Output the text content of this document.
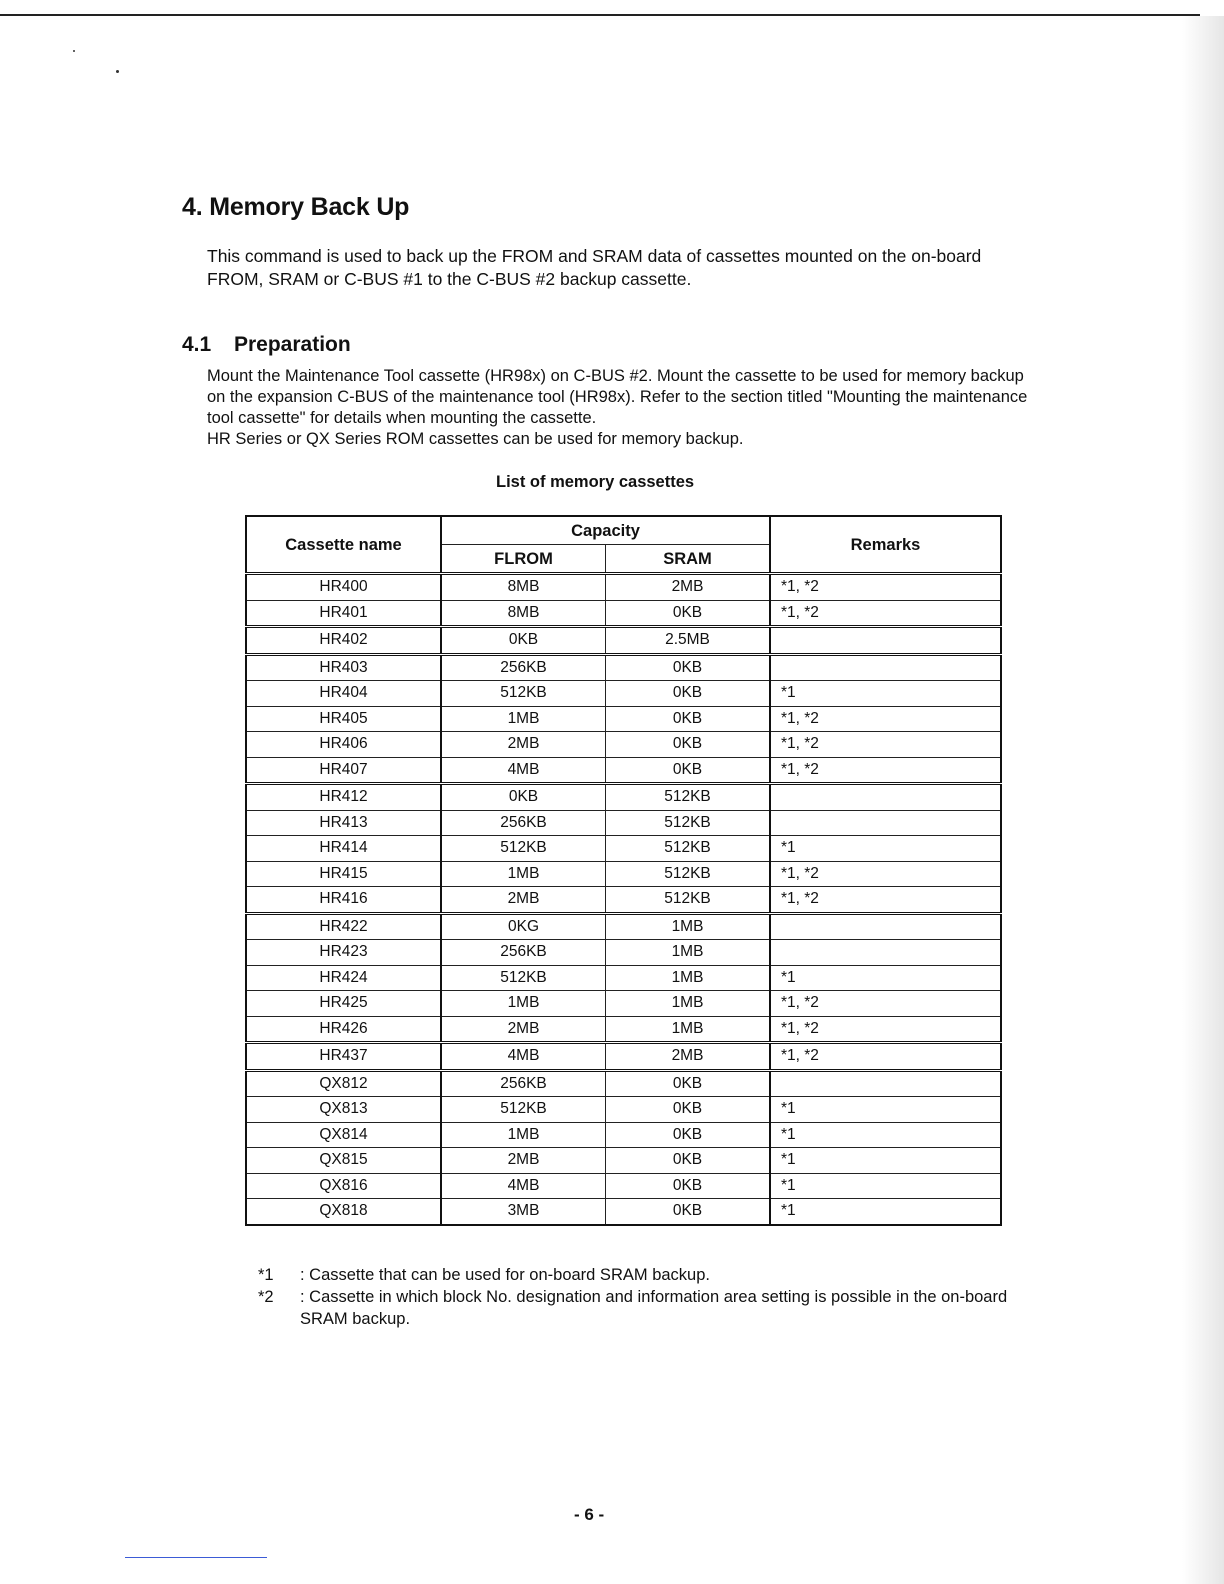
4. Memory Back Up

This command is used to back up the FROM and SRAM data of cassettes mounted on the on-board FROM, SRAM or C-BUS #1 to the C-BUS #2 backup cassette.

4.1 Preparation

Mount the Maintenance Tool cassette (HR98x) on C-BUS #2. Mount the cassette to be used for memory backup on the expansion C-BUS of the maintenance tool (HR98x). Refer to the section titled "Mounting the maintenance tool cassette" for details when mounting the cassette.

HR Series or QX Series ROM cassettes can be used for memory backup.

List of memory cassettes

Cassette name	Capacity		Remarks
	FLROM	SRAM	
HR400	8MB	2MB	*1, *2
HR401	8MB	0KB	*1, *2
HR402	0KB	2.5MB	
HR403	256KB	0KB	
HR404	512KB	0KB	*1
HR405	1MB	0KB	*1, *2
HR406	2MB	0KB	*1, *2
HR407	4MB	0KB	*1, *2
HR412	0KB	512KB	
HR413	256KB	512KB	
HR414	512KB	512KB	*1
HR415	1MB	512KB	*1, *2
HR416	2MB	512KB	*1, *2
HR422	0KG	1MB	
HR423	256KB	1MB	
HR424	512KB	1MB	*1
HR425	1MB	1MB	*1, *2
HR426	2MB	1MB	*1, *2
HR437	4MB	2MB	*1, *2
QX812	256KB	0KB	
QX813	512KB	0KB	*1
QX814	1MB	0KB	*1
QX815	2MB	0KB	*1
QX816	4MB	0KB	*1
QX818	3MB	0KB	*1
*1	: Cassette that can be used for on-board SRAM backup.
*2	: Cassette in which block No. designation and information area setting is possible in the on-board SRAM backup.

- 6 -
